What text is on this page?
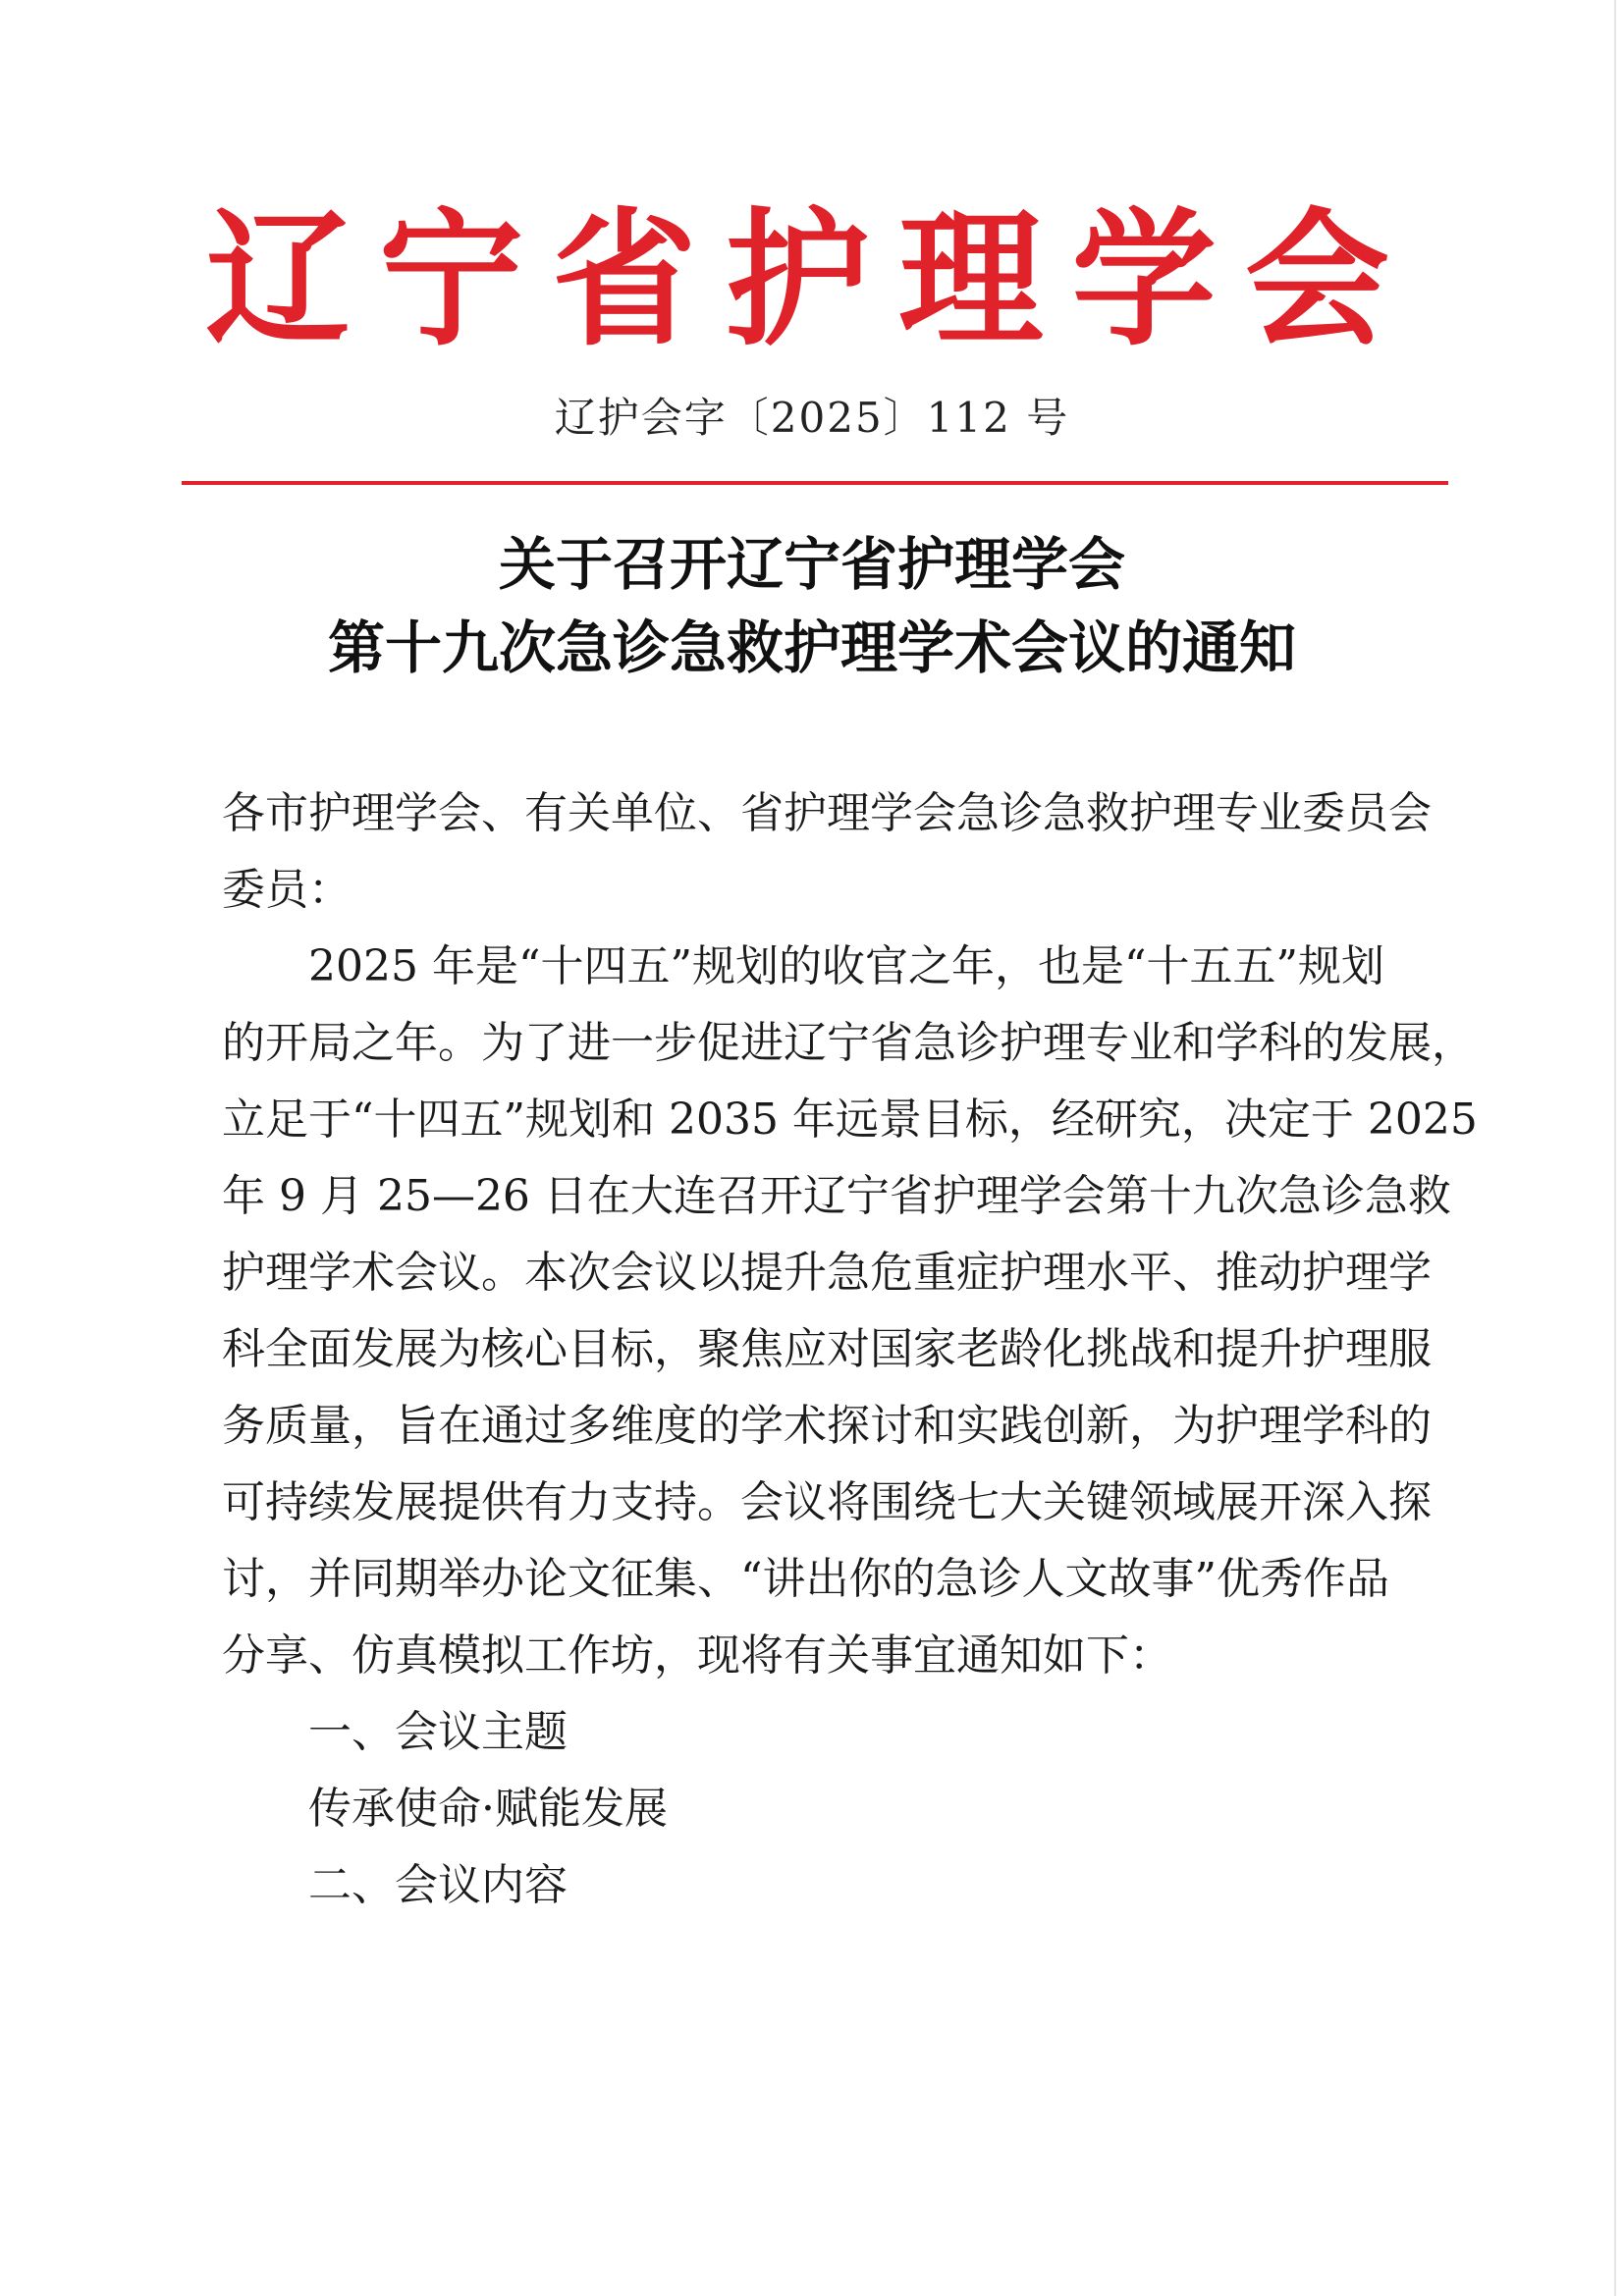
辽宁省护理学会
辽护会字〔2025〕112 号
关于召开辽宁省护理学会
第十九次急诊急救护理学术会议的通知
各市护理学会、有关单位、省护理学会急诊急救护理专业委员会
委员：
2025 年是“十四五”规划的收官之年，也是“十五五”规划
的开局之年。为了进一步促进辽宁省急诊护理专业和学科的发展，
立足于“十四五”规划和 2035 年远景目标，经研究，决定于 2025
年 9 月 25—26 日在大连召开辽宁省护理学会第十九次急诊急救
护理学术会议。本次会议以提升急危重症护理水平、推动护理学
科全面发展为核心目标，聚焦应对国家老龄化挑战和提升护理服
务质量，旨在通过多维度的学术探讨和实践创新，为护理学科的
可持续发展提供有力支持。会议将围绕七大关键领域展开深入探
讨，并同期举办论文征集、“讲出你的急诊人文故事”优秀作品
分享、仿真模拟工作坊，现将有关事宜通知如下：
一、会议主题
传承使命·赋能发展
二、会议内容
